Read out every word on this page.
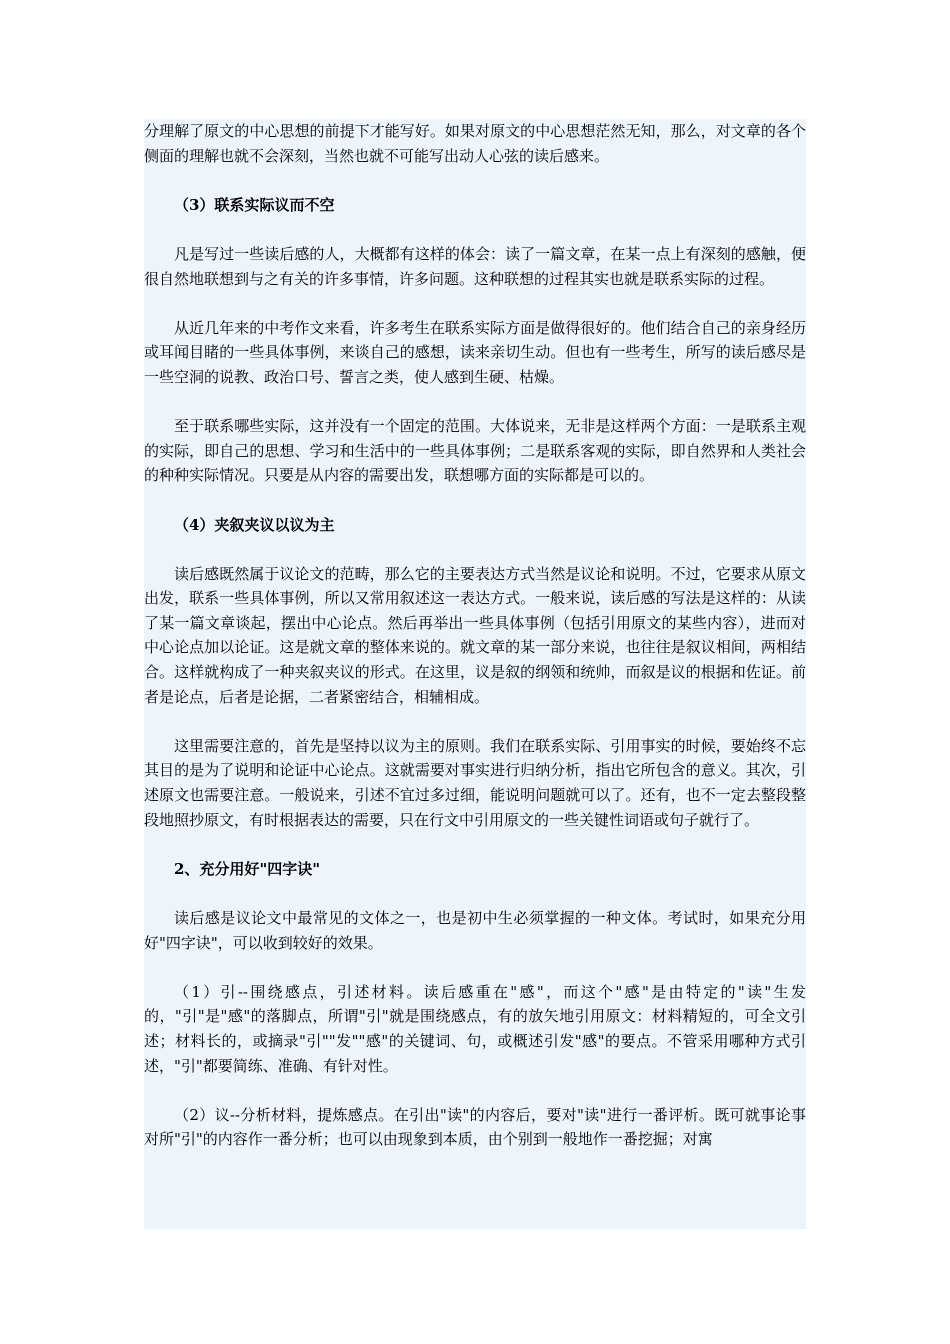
分理解了原文的中心思想的前提下才能写好。如果对原文的中心思想茫然无知，那么，对文章的各个侧面的理解也就不会深刻，当然也就不可能写出动人心弦的读后感来。

（3）联系实际议而不空

凡是写过一些读后感的人，大概都有这样的体会：读了一篇文章，在某一点上有深刻的感触，便很自然地联想到与之有关的许多事情，许多问题。这种联想的过程其实也就是联系实际的过程。

从近几年来的中考作文来看，许多考生在联系实际方面是做得很好的。他们结合自己的亲身经历或耳闻目睹的一些具体事例，来谈自己的感想，读来亲切生动。但也有一些考生，所写的读后感尽是一些空洞的说教、政治口号、誓言之类，使人感到生硬、枯燥。

至于联系哪些实际，这并没有一个固定的范围。大体说来，无非是这样两个方面：一是联系主观的实际，即自己的思想、学习和生活中的一些具体事例；二是联系客观的实际，即自然界和人类社会的种种实际情况。只要是从内容的需要出发，联想哪方面的实际都是可以的。

（4）夹叙夹议以议为主

读后感既然属于议论文的范畴，那么它的主要表达方式当然是议论和说明。不过，它要求从原文出发，联系一些具体事例，所以又常用叙述这一表达方式。一般来说，读后感的写法是这样的：从读了某一篇文章谈起，摆出中心论点。然后再举出一些具体事例（包括引用原文的某些内容），进而对中心论点加以论证。这是就文章的整体来说的。就文章的某一部分来说，也往往是叙议相间，两相结合。这样就构成了一种夹叙夹议的形式。在这里，议是叙的纲领和统帅，而叙是议的根据和佐证。前者是论点，后者是论据，二者紧密结合，相辅相成。

这里需要注意的，首先是坚持以议为主的原则。我们在联系实际、引用事实的时候，要始终不忘其目的是为了说明和论证中心论点。这就需要对事实进行归纳分析，指出它所包含的意义。其次，引述原文也需要注意。一般说来，引述不宜过多过细，能说明问题就可以了。还有，也不一定去整段整段地照抄原文，有时根据表达的需要，只在行文中引用原文的一些关键性词语或句子就行了。

2、充分用好"四字诀"

读后感是议论文中最常见的文体之一，也是初中生必须掌握的一种文体。考试时，如果充分用好"四字诀"，可以收到较好的效果。

（1）引--围绕感点，引述材料。读后感重在"感"，而这个"感"是由特定的"读"生发的，"引"是"感"的落脚点，所谓"引"就是围绕感点，有的放矢地引用原文：材料精短的，可全文引述；材料长的，或摘录"引""发""感"的关键词、句，或概述引发"感"的要点。不管采用哪种方式引述，"引"都要简练、准确、有针对性。

（2）议--分析材料，提炼感点。在引出"读"的内容后，要对"读"进行一番评析。既可就事论事对所"引"的内容作一番分析；也可以由现象到本质，由个别到一般地作一番挖掘；对寓
